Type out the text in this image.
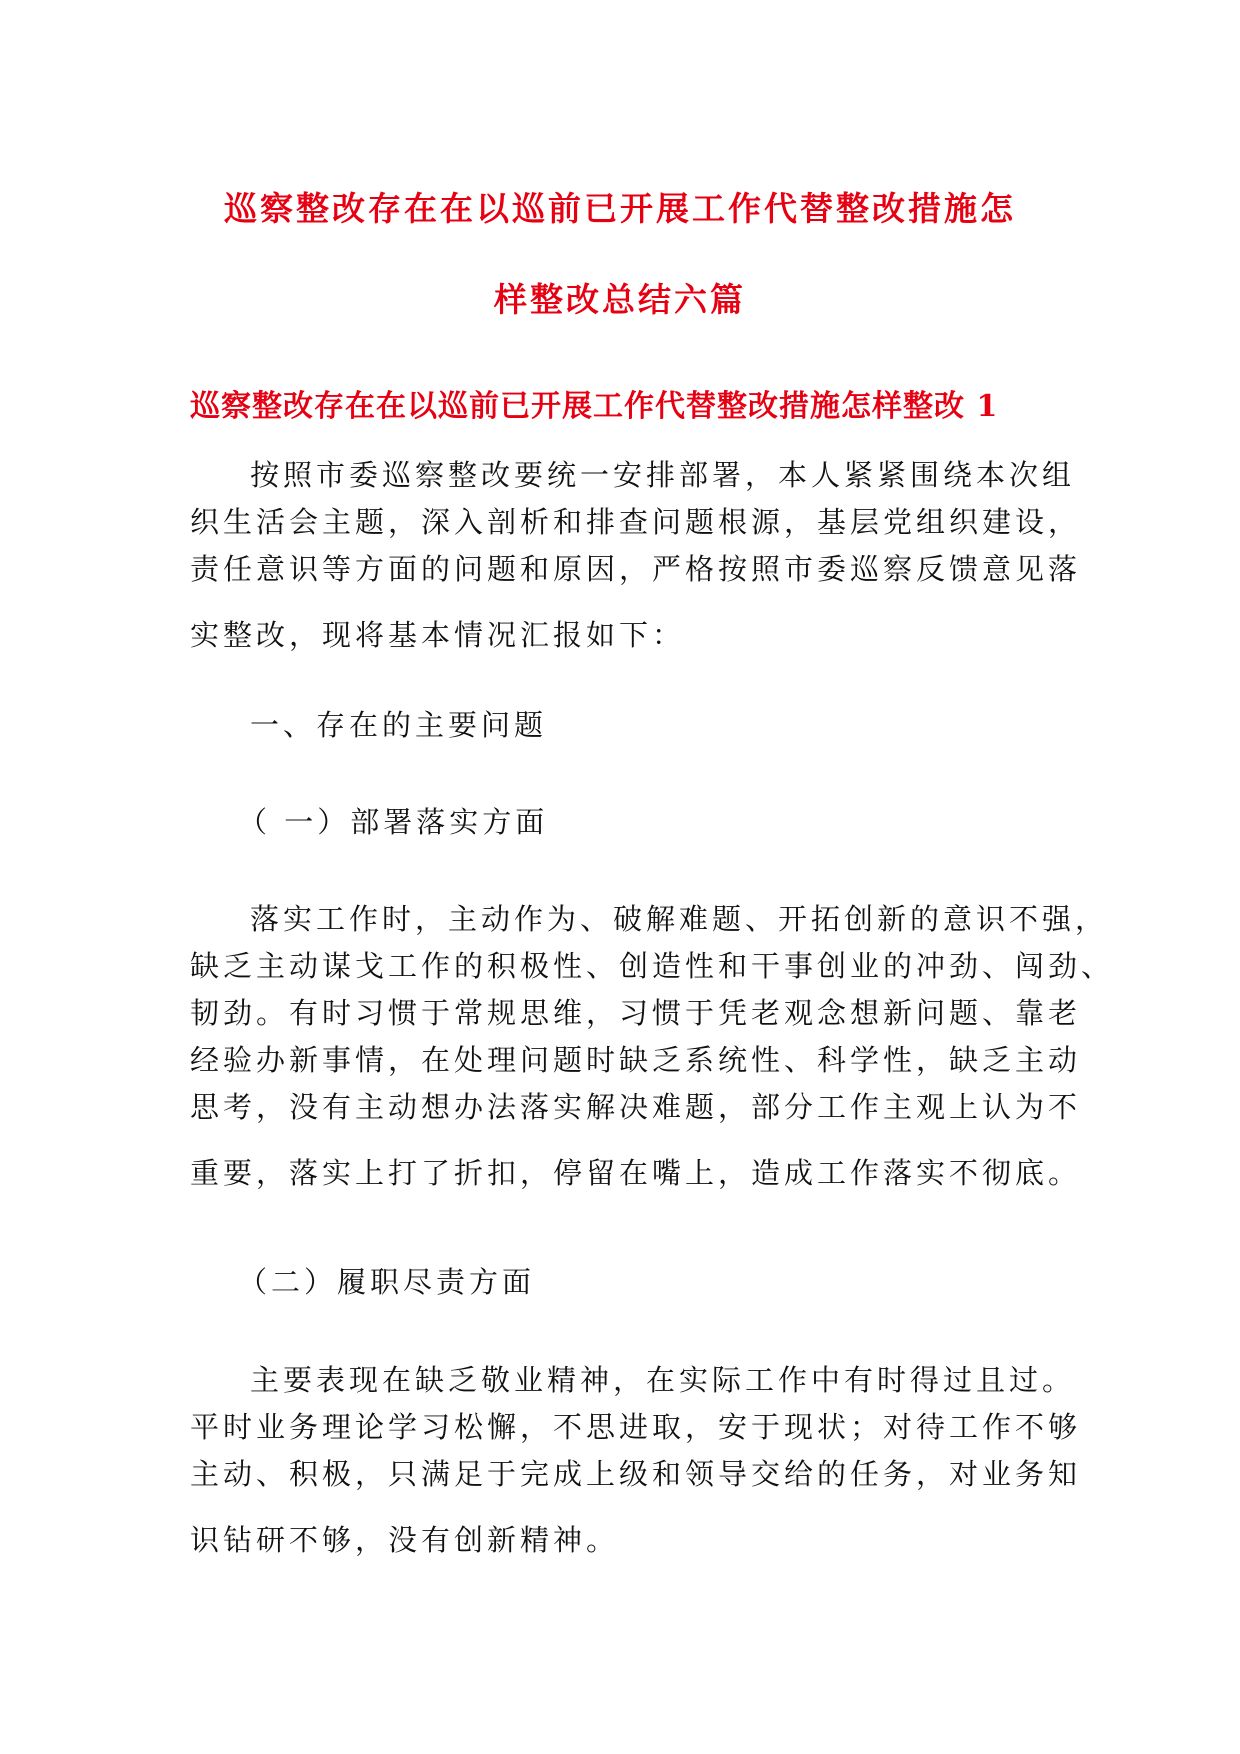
巡察整改存在在以巡前已开展工作代替整改措施怎
样整改总结六篇
巡察整改存在在以巡前已开展工作代替整改措施怎样整改 1
按照市委巡察整改要统一安排部署，本人紧紧围绕本次组
织生活会主题，深入剖析和排查问题根源，基层党组织建设，
责任意识等方面的问题和原因，严格按照市委巡察反馈意见落
实整改，现将基本情况汇报如下：
一、存在的主要问题
（ 一）部署落实方面
落实工作时，主动作为、破解难题、开拓创新的意识不强，
缺乏主动谋戈工作的积极性、创造性和干事创业的冲劲、闯劲、
韧劲。有时习惯于常规思维，习惯于凭老观念想新问题、靠老
经验办新事情，在处理问题时缺乏系统性、科学性，缺乏主动
思考，没有主动想办法落实解决难题，部分工作主观上认为不
重要，落实上打了折扣，停留在嘴上，造成工作落实不彻底。
（二）履职尽责方面
主要表现在缺乏敬业精神，在实际工作中有时得过且过。
平时业务理论学习松懈，不思进取，安于现状；对待工作不够
主动、积极，只满足于完成上级和领导交给的任务，对业务知
识钻研不够，没有创新精神。
